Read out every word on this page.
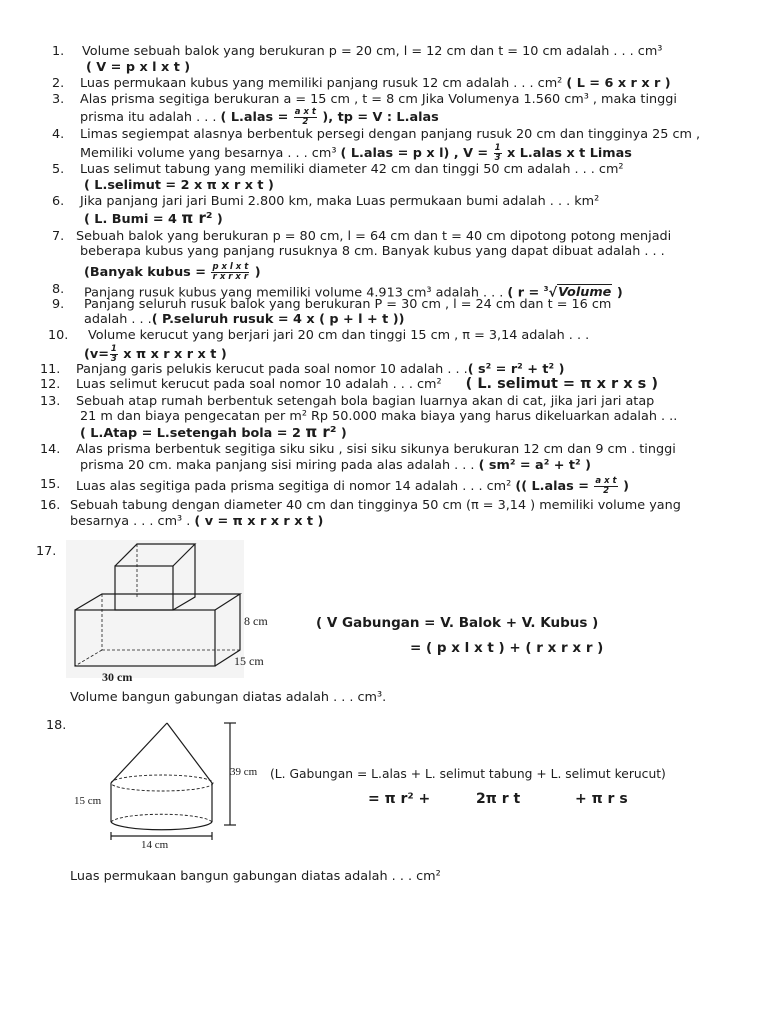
1. Volume sebuah balok yang berukuran p = 20 cm, l = 12 cm dan t = 10 cm adalah . . . cm³
( V = p x l x t )
2. Luas permukaan kubus yang memiliki panjang rusuk 12 cm adalah . . . cm² ( L = 6 x r x r )
3. Alas prisma segitiga berukuran a = 15 cm , t = 8 cm Jika Volumenya 1.560 cm³ , maka tinggi
prisma itu adalah . . . ( L.alas = $\frac{\text{a x t}}{2}$ ), tp = V : L.alas
4. Limas segiempat alasnya berbentuk persegi dengan panjang rusuk 20 cm dan tingginya 25 cm ,
Memiliki volume yang besarnya . . . cm³ ( L.alas = p x l) , $V = \frac{1}{3}$ x L.alas x t Limas
5. Luas selimut tabung yang memiliki diameter 42 cm dan tinggi 50 cm adalah . . . cm²
( L.selimut = 2 x π x r x t )
6. Jika panjang jari jari Bumi 2.800 km, maka Luas permukaan bumi adalah . . . km²
( L. Bumi = 4 π r² )
7. Sebuah balok yang berukuran p = 80 cm, l = 64 cm dan t = 40 cm dipotong potong menjadi
beberapa kubus yang panjang rusuknya 8 cm. Banyak kubus yang dapat dibuat adalah . . .
(Banyak kubus = $\frac{\text{p x l x t}}{\text{r x r x r}}$ )
8. Panjang rusuk kubus yang memiliki volume 4.913 cm³ adalah . . . ( r = $^3$√Volume )
9. Panjang seluruh rusuk balok yang berukuran P = 30 cm , l = 24 cm dan t = 16 cm
adalah . . .( P.seluruh rusuk = 4 x ( p + l + t ))
10. Volume kerucut yang berjari jari 20 cm dan tinggi 15 cm , π = 3,14 adalah . . .
($v= \frac{1}{3}$ x π x r x r x t )
11. Panjang garis pelukis kerucut pada soal nomor 10 adalah . . .( s² = r² + t² )
12. Luas selimut kerucut pada soal nomor 10 adalah . . . cm² ( L. selimut = π x r x s )
13. Sebuah atap rumah berbentuk setengah bola bagian luarnya akan di cat, jika jari jari atap
21 m dan biaya pengecatan per m² Rp 50.000 maka biaya yang harus dikeluarkan adalah . ..
( L.Atap = L.setengah bola = 2 π r² )
14. Alas prisma berbentuk segitiga siku siku , sisi siku sikunya berukuran 12 cm dan 9 cm . tinggi
prisma 20 cm. maka panjang sisi miring pada alas adalah . . . ( sm² = a² + t² )
15. Luas alas segitiga pada prisma segitiga di nomor 14 adalah . . . cm² (( L.alas = $\frac{\text{a x t}}{2}$ )
16. Sebuah tabung dengan diameter 40 cm dan tingginya 50 cm (π = 3,14 ) memiliki volume yang
besarnya . . . cm³ . ( v = π x r x r x t )
17.
8 cm
15 cm
30 cm
( V Gabungan = V. Balok + V. Kubus )
= ( p x l x t ) + ( r x r x r )
Volume bangun gabungan diatas adalah . . . cm³.
18.
39 cm
15 cm
14 cm
(L. Gabungan = L.alas + L. selimut tabung + L. selimut kerucut)
= π r² +	2π r t	+ π r s
Luas permukaan bangun gabungan diatas adalah . . . cm²
